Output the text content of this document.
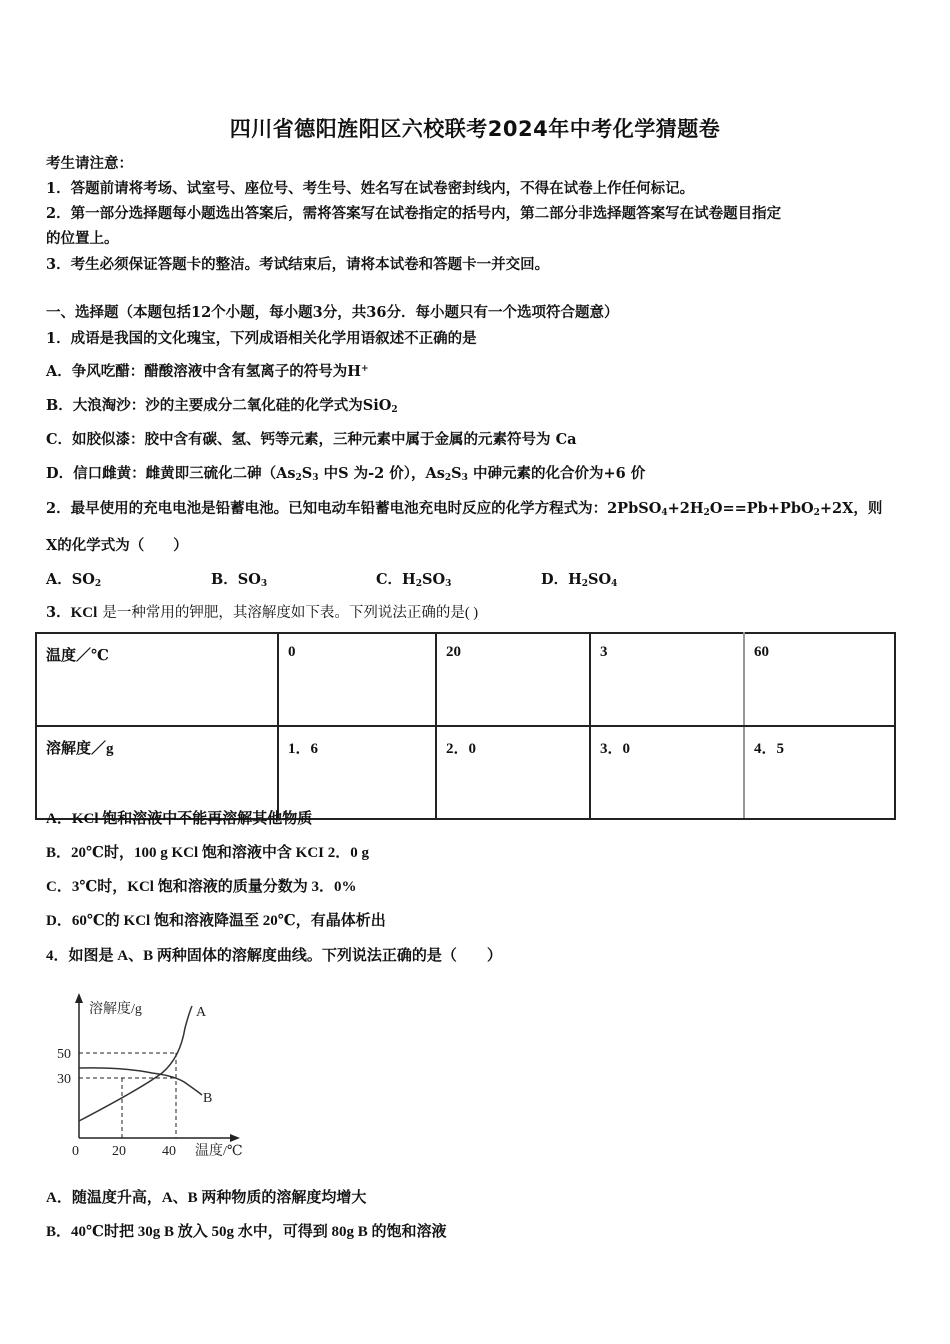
四川省德阳旌阳区六校联考2024年中考化学猜题卷
考生请注意：
1．答题前请将考场、试室号、座位号、考生号、姓名写在试卷密封线内，不得在试卷上作任何标记。
2．第一部分选择题每小题选出答案后，需将答案写在试卷指定的括号内，第二部分非选择题答案写在试卷题目指定
的位置上。
3．考生必须保证答题卡的整洁。考试结束后，请将本试卷和答题卡一并交回。
一、选择题（本题包括12个小题，每小题3分，共36分．每小题只有一个选项符合题意）
1．成语是我国的文化瑰宝，下列成语相关化学用语叙述不正确的是
A．争风吃醋：醋酸溶液中含有氢离子的符号为H+
B．大浪淘沙：沙的主要成分二氧化硅的化学式为SiO$_2$
C．如胶似漆：胶中含有碳、氢、钙等元素，三种元素中属于金属的元素符号为 Ca
D．信口雌黄：雌黄即三硫化二砷（$As_2S_3$ 中S 为-2 价），$As_2S_3$ 中砷元素的化合价为+6 价
2．最早使用的充电电池是铅蓄电池。已知电动车铅蓄电池充电时反应的化学方程式为：$2PbSO_4+2H_2O==Pb+PbO_2+2X$，则
X的化学式为（　　）
A．$SO_2$	B．$SO_3$	C．$H_2SO_3$	D．$H_2SO_4$
3．KCl 是一种常用的钾肥，其溶解度如下表。下列说法正确的是( )
温度／℃	0	20	3	60
溶解度／g	1．6	2．0	3．0	4．5
A．KCl 饱和溶液中不能再溶解其他物质
B．20℃时，100 g KCl 饱和溶液中含 KCI 2．0 g
C．3℃时，KCl 饱和溶液的质量分数为 3．0%
D．60℃的 KCl 饱和溶液降温至 20℃，有晶体析出
4．如图是 A、B 两种固体的溶解度曲线。下列说法正确的是（　　）
溶解度/g	A
B
50
30
0 20	40 温度/℃
A．随温度升高，A、B 两种物质的溶解度均增大
B．40℃时把 30g B 放入 50g 水中，可得到 80g B 的饱和溶液
